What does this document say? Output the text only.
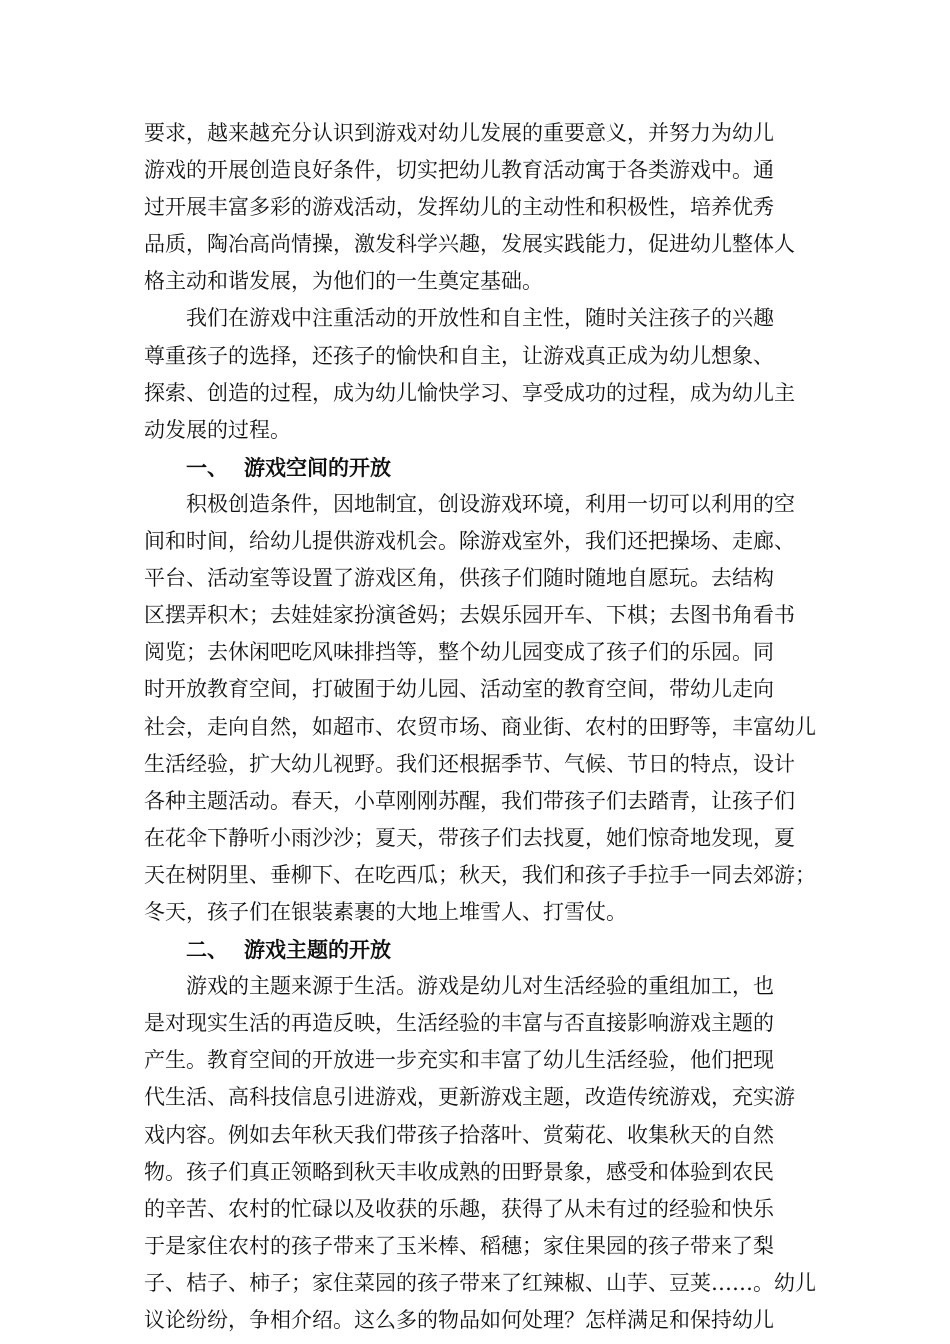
要求，越来越充分认识到游戏对幼儿发展的重要意义，并努力为幼儿
游戏的开展创造良好条件，切实把幼儿教育活动寓于各类游戏中。通
过开展丰富多彩的游戏活动，发挥幼儿的主动性和积极性，培养优秀
品质，陶冶高尚情操，激发科学兴趣，发展实践能力，促进幼儿整体人
格主动和谐发展，为他们的一生奠定基础。
我们在游戏中注重活动的开放性和自主性，随时关注孩子的兴趣
尊重孩子的选择，还孩子的愉快和自主，让游戏真正成为幼儿想象、
探索、创造的过程，成为幼儿愉快学习、享受成功的过程，成为幼儿主
动发展的过程。
一、 游戏空间的开放
积极创造条件，因地制宜，创设游戏环境，利用一切可以利用的空
间和时间，给幼儿提供游戏机会。除游戏室外，我们还把操场、走廊、
平台、活动室等设置了游戏区角，供孩子们随时随地自愿玩。去结构
区摆弄积木；去娃娃家扮演爸妈；去娱乐园开车、下棋；去图书角看书
阅览；去休闲吧吃风味排挡等，整个幼儿园变成了孩子们的乐园。同
时开放教育空间，打破囿于幼儿园、活动室的教育空间，带幼儿走向
社会，走向自然，如超市、农贸市场、商业街、农村的田野等，丰富幼儿
生活经验，扩大幼儿视野。我们还根据季节、气候、节日的特点，设计
各种主题活动。春天，小草刚刚苏醒，我们带孩子们去踏青，让孩子们
在花伞下静听小雨沙沙；夏天，带孩子们去找夏，她们惊奇地发现，夏
天在树阴里、垂柳下、在吃西瓜；秋天，我们和孩子手拉手一同去郊游；
冬天，孩子们在银装素裹的大地上堆雪人、打雪仗。
二、 游戏主题的开放
游戏的主题来源于生活。游戏是幼儿对生活经验的重组加工，也
是对现实生活的再造反映，生活经验的丰富与否直接影响游戏主题的
产生。教育空间的开放进一步充实和丰富了幼儿生活经验，他们把现
代生活、高科技信息引进游戏，更新游戏主题，改造传统游戏，充实游
戏内容。例如去年秋天我们带孩子拾落叶、赏菊花、收集秋天的自然
物。孩子们真正领略到秋天丰收成熟的田野景象，感受和体验到农民
的辛苦、农村的忙碌以及收获的乐趣，获得了从未有过的经验和快乐
于是家住农村的孩子带来了玉米棒、稻穗；家住果园的孩子带来了梨
子、桔子、柿子；家住菜园的孩子带来了红辣椒、山芋、豆荚……。幼儿
议论纷纷，争相介绍。这么多的物品如何处理？怎样满足和保持幼儿
